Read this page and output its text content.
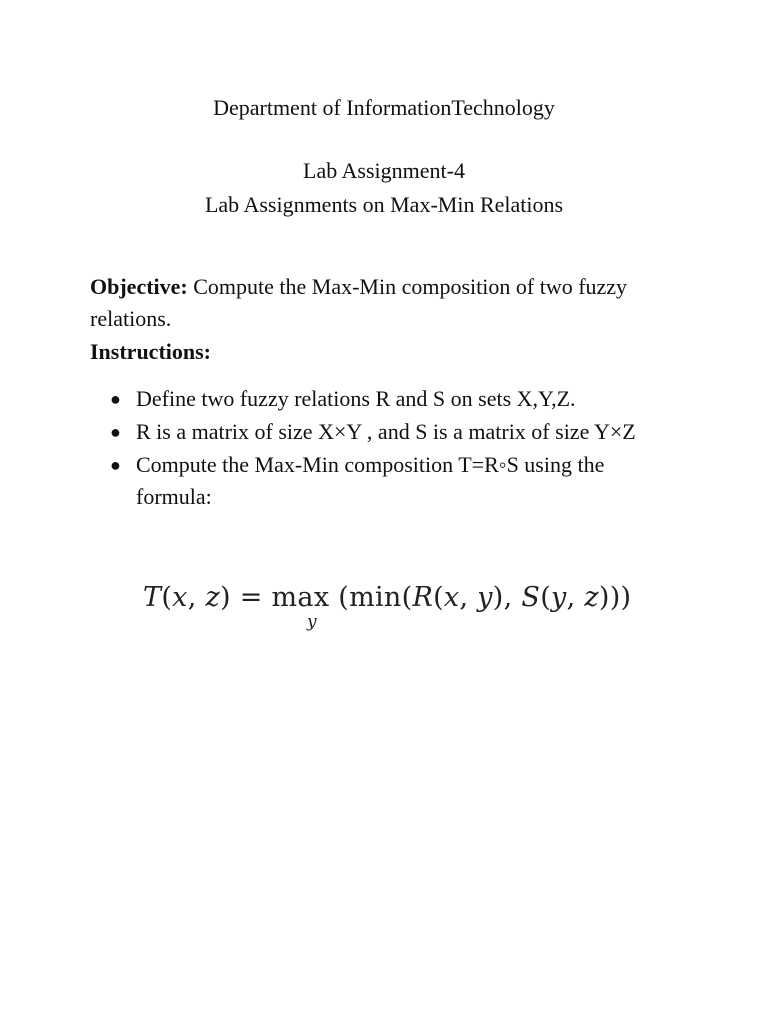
Department of InformationTechnology
Lab Assignment-4
Lab Assignments on Max-Min Relations
Objective: Compute the Max-Min composition of two fuzzy relations.
Instructions:
● Define two fuzzy relations R and S on sets X,Y,Z.
● R is a matrix of size X×Y , and S is a matrix of size Y×Z
● Compute the Max-Min composition T=R◦S using the formula:
T(x, z) = max (min(R(x, y), S(y, z)))
y
